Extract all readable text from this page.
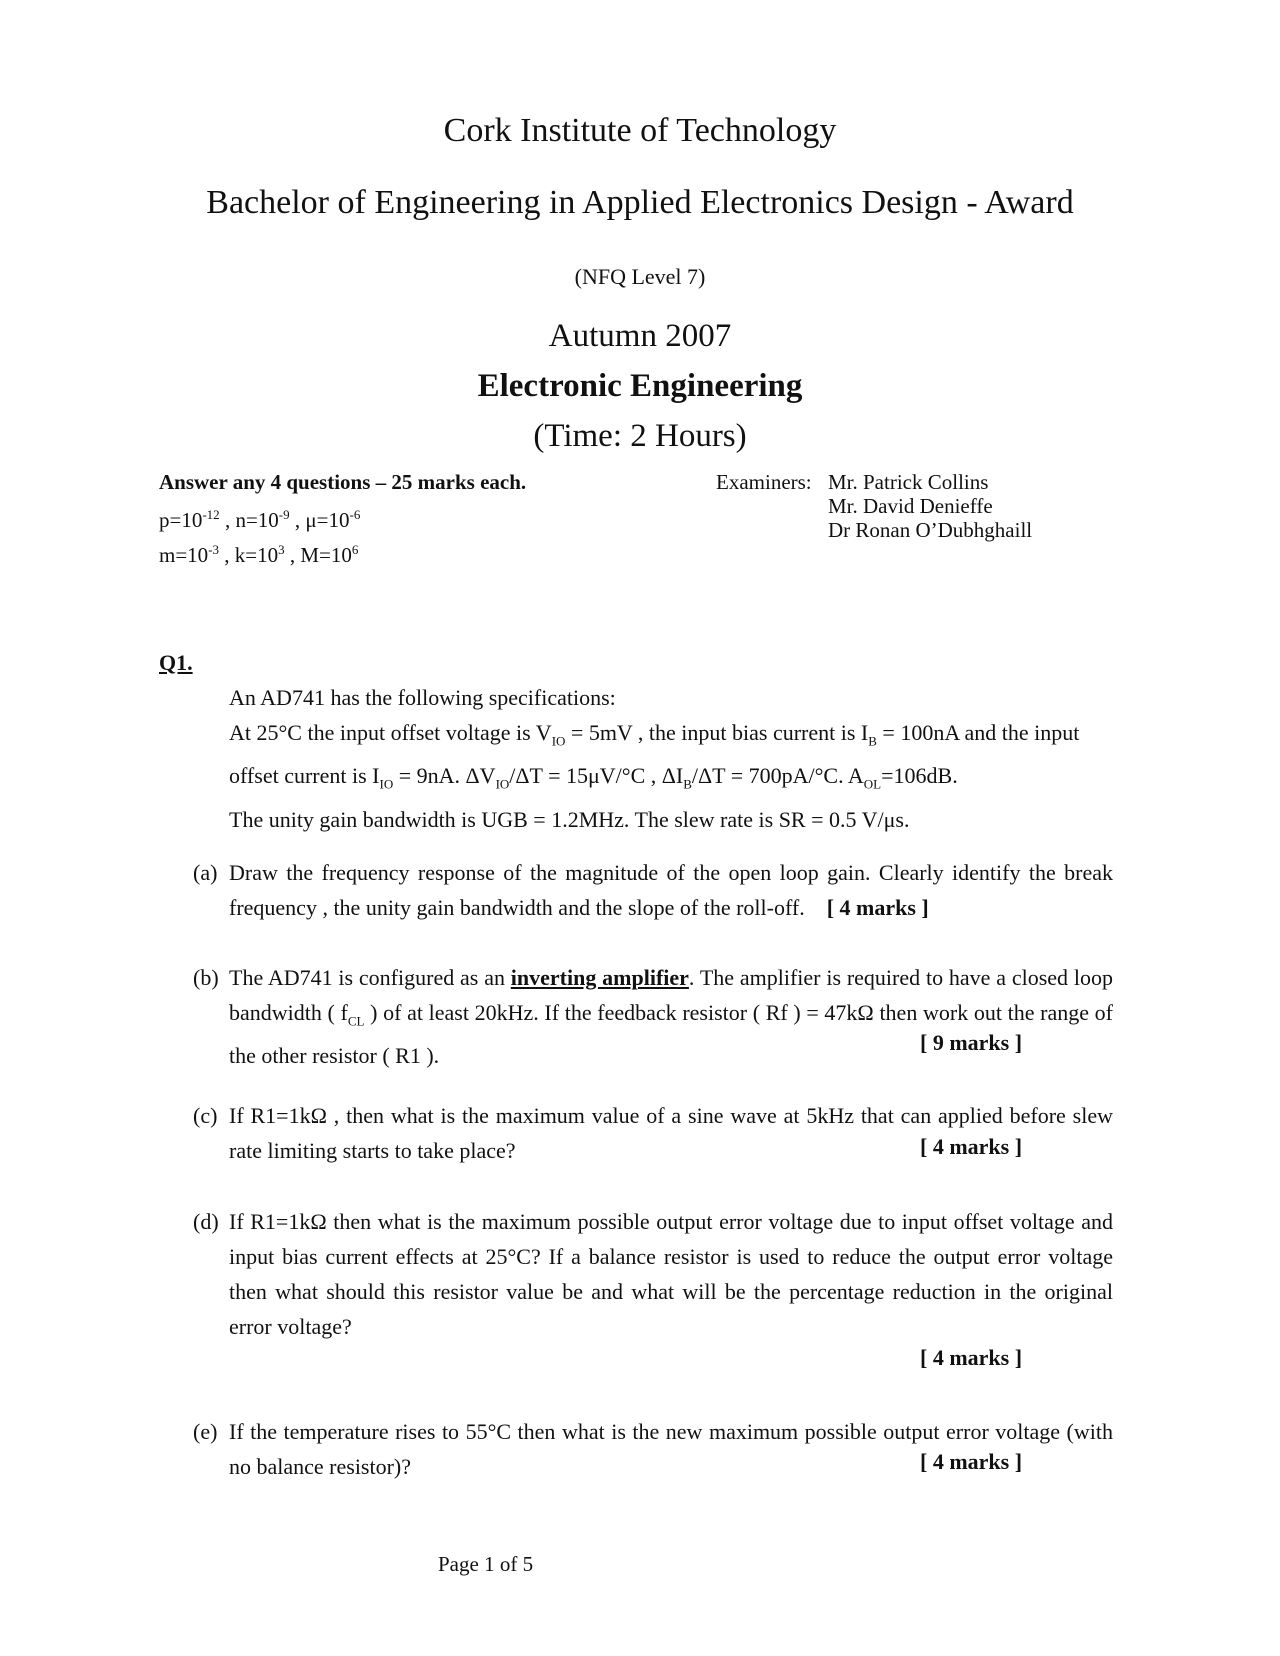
Cork Institute of Technology
Bachelor of Engineering in Applied Electronics Design - Award
(NFQ Level 7)
Autumn 2007
Electronic Engineering
(Time: 2 Hours)
Answer any 4 questions – 25 marks each.
$p=10^{-12}$ , $n=10^{-9}$ , $\mu=10^{-6}$
$m=10^{-3}$ , $k=10^3$ , $M=10^6$
Examiners: Mr. Patrick Collins
Mr. David Denieffe
Dr Ronan O’Dubhghaill
Q1.
An AD741 has the following specifications:
At 25°C the input offset voltage is $V_{IO} = 5mV$ , the input bias current is $I_B = 100nA$ and the input offset current is $I_{IO} = 9nA$. $\Delta V_{IO}/\Delta T = 15\mu V/^\circ C$ , $\Delta I_B/\Delta T = 700pA/^\circ C$. $A_{OL}=106dB$.
The unity gain bandwidth is UGB = 1.2MHz. The slew rate is SR = 0.5 V/μs.
(a) Draw the frequency response of the magnitude of the open loop gain. Clearly identify the break frequency , the unity gain bandwidth and the slope of the roll-off. [ 4 marks ]
(b) The AD741 is configured as an inverting amplifier. The amplifier is required to have a closed loop bandwidth ( $f_{CL}$ ) of at least 20kHz. If the feedback resistor ( Rf ) = 47kΩ then work out the range of the other resistor ( R1 ).
[ 9 marks ]
(c) If R1=1kΩ , then what is the maximum value of a sine wave at 5kHz that can applied before slew rate limiting starts to take place?	[ 4 marks ]
(d) If R1=1kΩ then what is the maximum possible output error voltage due to input offset voltage and input bias current effects at 25°C? If a balance resistor is used to reduce the output error voltage then what should this resistor value be and what will be the percentage reduction in the original error voltage?
[ 4 marks ]
(e) If the temperature rises to 55°C then what is the new maximum possible output error voltage (with no balance resistor)?	[ 4 marks ]
Page 1 of 5
